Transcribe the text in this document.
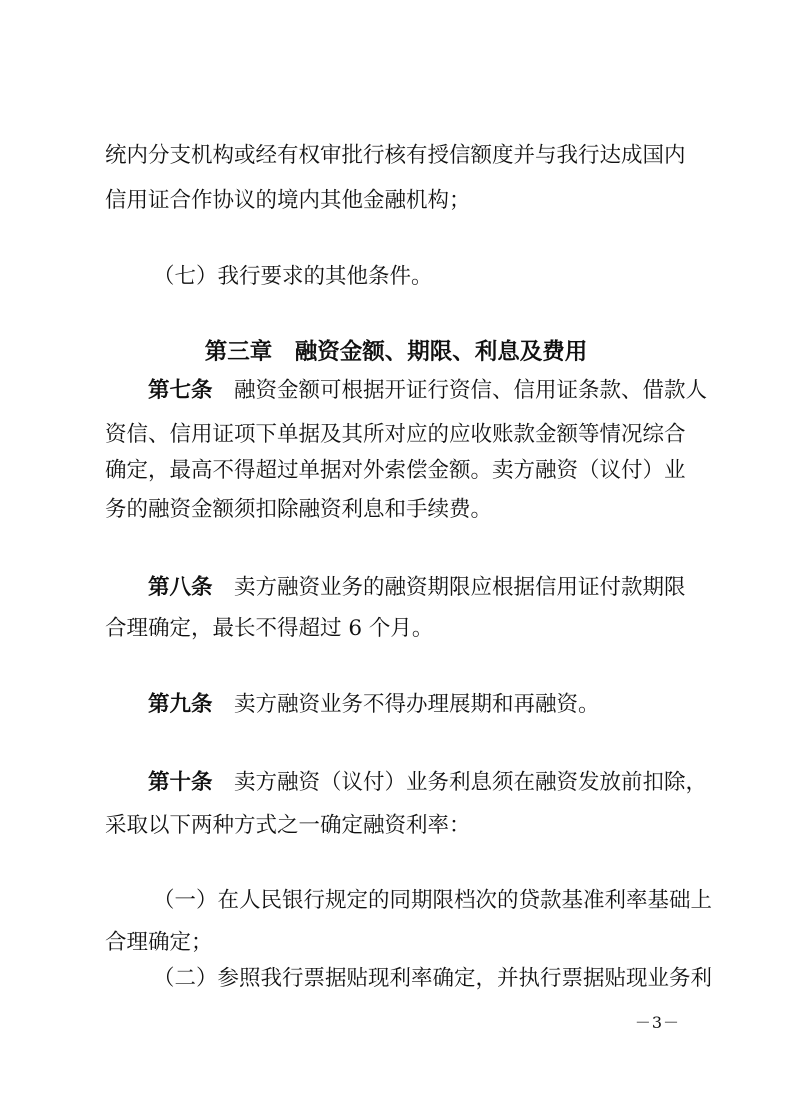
统内分支机构或经有权审批行核有授信额度并与我行达成国内

信用证合作协议的境内其他金融机构；

（七）我行要求的其他条件。

第三章　融资金额、期限、利息及费用

第七条　 融资金额可根据开证行资信、信用证条款、借款人

资信、信用证项下单据及其所对应的应收账款金额等情况综合

确定，最高不得超过单据对外索偿金额。卖方融资（议付）业

务的融资金额须扣除融资利息和手续费。

第八条　 卖方融资业务的融资期限应根据信用证付款期限

合理确定，最长不得超过 6 个月。

第九条　 卖方融资业务不得办理展期和再融资。

第十条　 卖方融资（议付）业务利息须在融资发放前扣除，

采取以下两种方式之一确定融资利率：

（一）在人民银行规定的同期限档次的贷款基准利率基础上

合理确定；

（二）参照我行票据贴现利率确定，并执行票据贴现业务利

－3－
